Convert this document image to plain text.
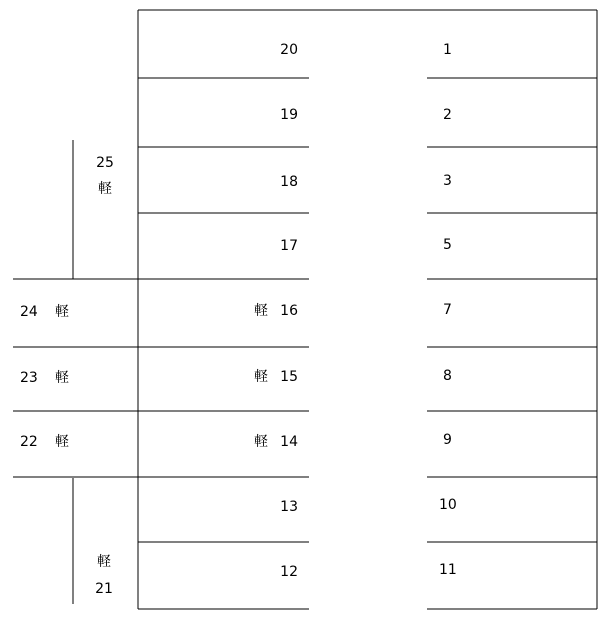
20
19
18
17
16
15
14
13
12
軽
軽
軽
1
2
3
5
7
8
9
10
11
25
軽
24 軽
23 軽
22 軽
軽
21
